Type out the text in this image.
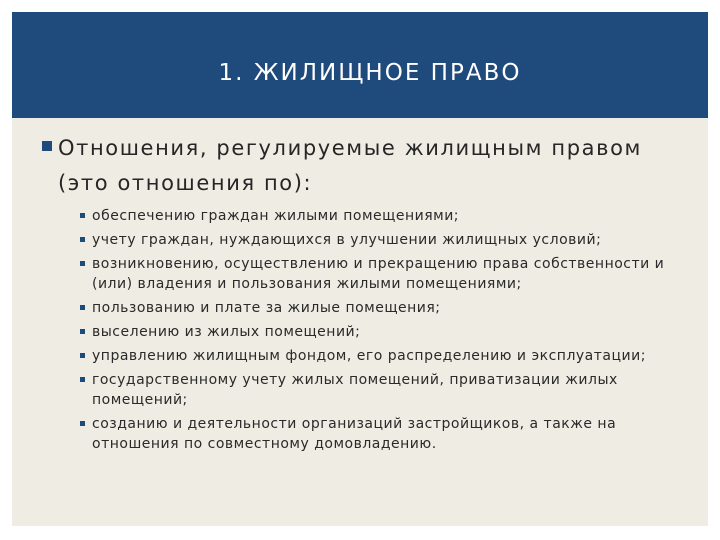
1. ЖИЛИЩНОЕ ПРАВО
Отношения, регулируемые жилищным правом (это отношения по):
обеспечению граждан жилыми помещениями;
учету граждан, нуждающихся в улучшении жилищных условий;
возникновению, осуществлению и прекращению права собственности и (или) владения и пользования жилыми помещениями;
пользованию и плате за жилые помещения;
выселению из жилых помещений;
управлению жилищным фондом, его распределению и эксплуатации;
государственному учету жилых помещений, приватизации жилых помещений;
созданию и деятельности организаций застройщиков, а также на отношения по совместному домовладению.
